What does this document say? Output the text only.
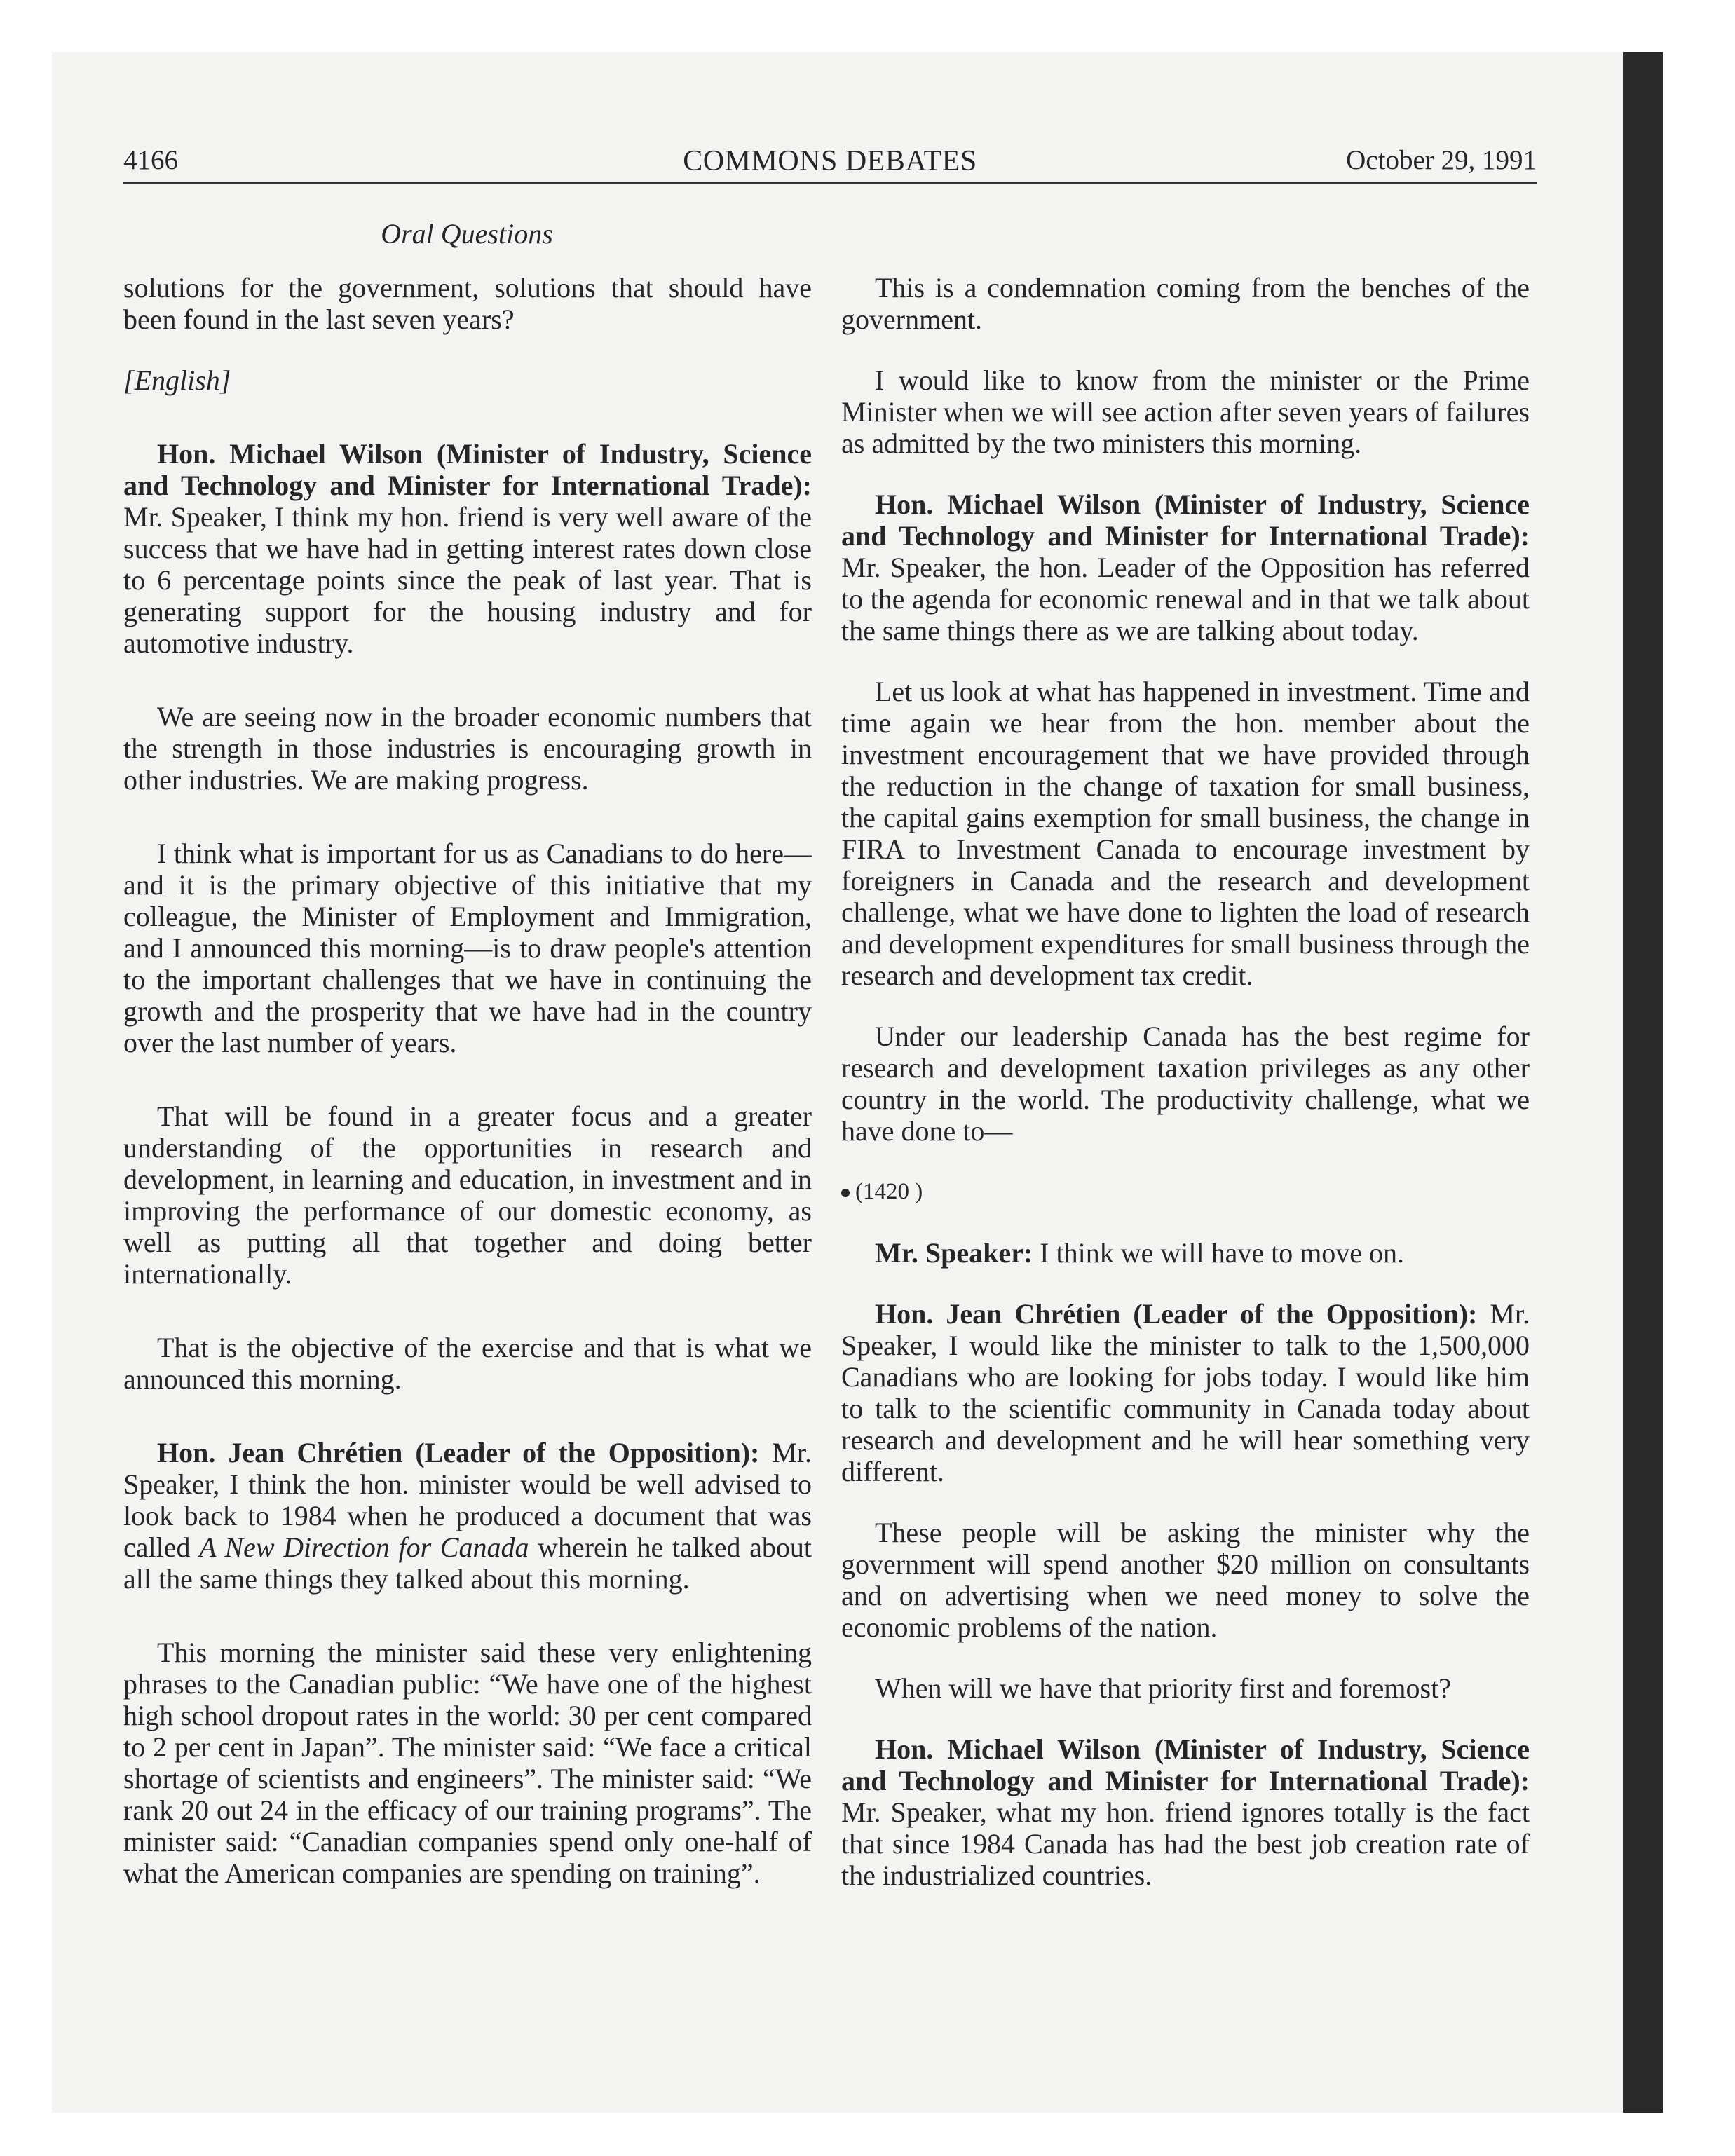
4166	COMMONS DEBATES	October 29, 1991
Oral Questions

solutions for the government, solutions that should have been found in the last seven years?

[English]

Hon. Michael Wilson (Minister of Industry, Science and Technology and Minister for International Trade): Mr. Speaker, I think my hon. friend is very well aware of the success that we have had in getting interest rates down close to 6 percentage points since the peak of last year. That is generating support for the housing industry and for automotive industry.

We are seeing now in the broader economic numbers that the strength in those industries is encouraging growth in other industries. We are making progress.

I think what is important for us as Canadians to do here—and it is the primary objective of this initiative that my colleague, the Minister of Employment and Immigration, and I announced this morning—is to draw people's attention to the important challenges that we have in continuing the growth and the prosperity that we have had in the country over the last number of years.

That will be found in a greater focus and a greater understanding of the opportunities in research and development, in learning and education, in investment and in improving the performance of our domestic economy, as well as putting all that together and doing better internationally.

That is the objective of the exercise and that is what we announced this morning.

Hon. Jean Chrétien (Leader of the Opposition): Mr. Speaker, I think the hon. minister would be well advised to look back to 1984 when he produced a document that was called A New Direction for Canada wherein he talked about all the same things they talked about this morning.

This morning the minister said these very enlightening phrases to the Canadian public: “We have one of the highest high school dropout rates in the world: 30 per cent compared to 2 per cent in Japan”. The minister said: “We face a critical shortage of scientists and engineers”. The minister said: “We rank 20 out 24 in the efficacy of our training programs”. The minister said: “Canadian companies spend only one-half of what the American companies are spending on training”.

This is a condemnation coming from the benches of the government.

I would like to know from the minister or the Prime Minister when we will see action after seven years of failures as admitted by the two ministers this morning.

Hon. Michael Wilson (Minister of Industry, Science and Technology and Minister for International Trade): Mr. Speaker, the hon. Leader of the Opposition has referred to the agenda for economic renewal and in that we talk about the same things there as we are talking about today.

Let us look at what has happened in investment. Time and time again we hear from the hon. member about the investment encouragement that we have provided through the reduction in the change of taxation for small business, the capital gains exemption for small business, the change in FIRA to Investment Canada to encourage investment by foreigners in Canada and the research and development challenge, what we have done to lighten the load of research and development expenditures for small business through the research and development tax credit.

Under our leadership Canada has the best regime for research and development taxation privileges as any other country in the world. The productivity challenge, what we have done to—

(1420 )

Mr. Speaker: I think we will have to move on.

Hon. Jean Chrétien (Leader of the Opposition): Mr. Speaker, I would like the minister to talk to the 1,500,000 Canadians who are looking for jobs today. I would like him to talk to the scientific community in Canada today about research and development and he will hear something very different.

These people will be asking the minister why the government will spend another $20 million on consultants and on advertising when we need money to solve the economic problems of the nation.

When will we have that priority first and foremost?

Hon. Michael Wilson (Minister of Industry, Science and Technology and Minister for International Trade): Mr. Speaker, what my hon. friend ignores totally is the fact that since 1984 Canada has had the best job creation rate of the industrialized countries.
